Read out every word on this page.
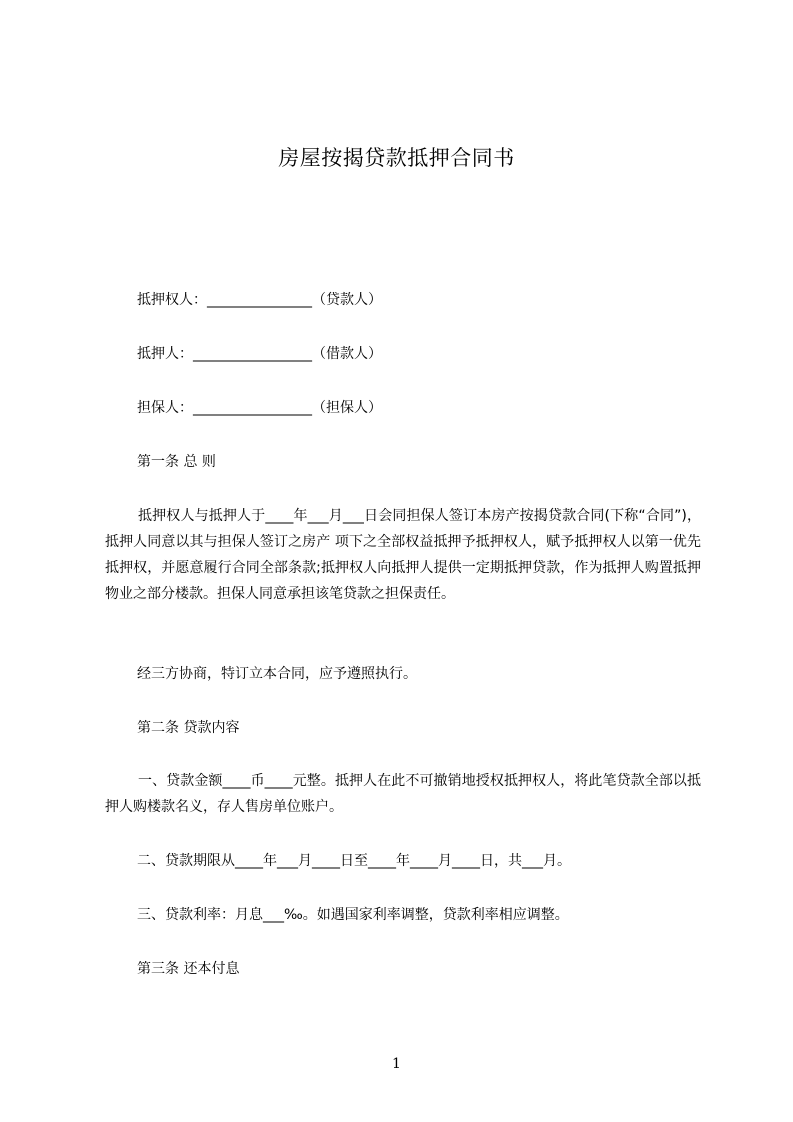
房屋按揭贷款抵押合同书

抵押权人：_______________（贷款人）

抵押人：_________________（借款人）

担保人：_________________（担保人）

第一条 总 则

抵押权人与抵押人于____年___月___日会同担保人签订本房产按揭贷款合同(下称“合同”)，抵押人同意以其与担保人签订之房产 项下之全部权益抵押予抵押权人，赋予抵押权人以第一优先抵押权，并愿意履行合同全部条款;抵押权人向抵押人提供一定期抵押贷款，作为抵押人购置抵押物业之部分楼款。担保人同意承担该笔贷款之担保责任。

经三方协商，特订立本合同，应予遵照执行。

第二条 贷款内容

一、贷款金额____币____元整。抵押人在此不可撤销地授权抵押权人，将此笔贷款全部以抵押人购楼款名义，存人售房单位账户。

二、贷款期限从____年___月____日至____年____月____日，共___月。

三、贷款利率：月息___‰。如遇国家利率调整，贷款利率相应调整。

第三条 还本付息

1
